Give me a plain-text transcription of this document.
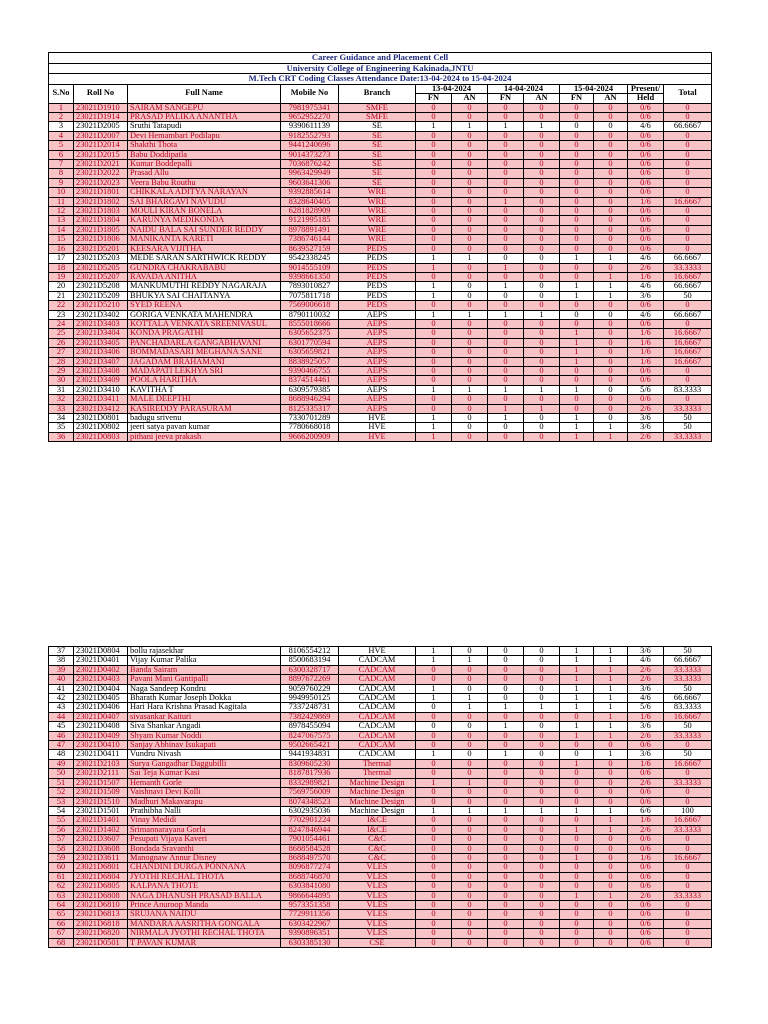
Career Guidance and Placement Cell												
University College of Engineering Kakinada,JNTU												
M.Tech CRT Coding Classes Attendance Date:13-04-2024 to 15-04-2024												
S.No	Roll No	Full Name	Mobile No	Branch	13-04-2024		14-04-2024		15-04-2024		Present/	Total
					FN	AN	FN	AN	FN	AN	Held	
1	23021D1910	SAIRAM SANGEPU	7981975341	SMFE	0	0	0	0	0	0	0/6	0
2	23021D1914	PRASAD PALIKA ANANTHA	9652952270	SMFE	0	0	0	0	0	0	0/6	0
3	23021D2005	Sruthi Tatapudi	9390611139	SE	1	1	1	1	0	0	4/6	66.6667
4	23021D2007	Devi Hemambari Podilapu	9182552793	SE	0	0	0	0	0	0	0/6	0
5	23021D2014	Shakthi Thota	9441240696	SE	0	0	0	0	0	0	0/6	0
6	23021D2015	Babu Doddipatla	9014373273	SE	0	0	0	0	0	0	0/6	0
7	23021D2021	Kumar Boddepalli	7036876242	SE	0	0	0	0	0	0	0/6	0
8	23021D2022	Prasad Allu	9963429949	SE	0	0	0	0	0	0	0/6	0
9	23021D2023	Veera Babu Routhu	9603641306	SE	0	0	0	0	0	0	0/6	0
10	23021D1801	CHIKKALA ADITYA NARAYAN	9392885614	WRE	0	0	0	0	0	0	0/6	0
11	23021D1802	SAI BHARGAVI NAVUDU	8328640405	WRE	0	0	1	0	0	0	1/6	16.6667
12	23021D1803	MOULI KIRAN BONELA	6281828909	WRE	0	0	0	0	0	0	0/6	0
13	23021D1804	KARUNYA MEDIKONDA	9121995185	WRE	0	0	0	0	0	0	0/6	0
14	23021D1805	NAIDU BALA SAI SUNDER REDDY	8978891491	WRE	0	0	0	0	0	0	0/6	0
15	23021D1806	MANIKANTA KARETI	7386746144	WRE	0	0	0	0	0	0	0/6	0
16	23021D5201	KEESARA VIJITHA	8639527159	PEDS	0	0	0	0	0	0	0/6	0
17	23021D5203	MEDE SARAN SARTHWICK REDDY	9542338245	PEDS	1	1	0	0	1	1	4/6	66.6667
18	23021D5205	GUNDRA CHAKRABABU	9014555109	PEDS	1	0	1	0	0	0	2/6	33.3333
19	23021D5207	RAVADA ANITHA	9398661350	PEDS	0	0	0	0	0	1	1/6	16.6667
20	23021D5208	MANKUMUTHI REDDY NAGARAJA	7893010827	PEDS	1	0	1	0	1	1	4/6	66.6667
21	23021D5209	BHUKYA SAI CHAITANYA	7075811718	PEDS	1	0	0	0	1	1	3/6	50
22	23021D5210	SYED REENA	7569006618	PEDS	0	0	0	0	0	0	0/6	0
23	23021D3402	GORIGA VENKATA MAHENDRA	8790110032	AEPS	1	1	1	1	0	0	4/6	66.6667
24	23021D3403	KOTTALA VENKATA SREENIVASUL	8555018666	AEPS	0	0	0	0	0	0	0/6	0
25	23021D3404	KONDA PRAGATHI	6305652375	AEPS	0	0	0	0	1	0	1/6	16.6667
26	23021D3405	PANCHADARLA GANGABHAVANI	6301770594	AEPS	0	0	0	0	1	0	1/6	16.6667
27	23021D3406	BOMMADASARI MEGHANA SANE	6305659821	AEPS	0	0	0	0	1	0	1/6	16.6667
28	23021D3407	JAGADAM BRAHAMANI	8838925057	AEPS	0	0	0	0	1	0	1/6	16.6667
29	23021D3408	MADAPATI LEKHYA SRI	9390466755	AEPS	0	0	0	0	0	0	0/6	0
30	23021D3409	POOLA HARITHA	8374514461	AEPS	0	0	0	0	0	0	0/6	0
31	23021D3410	KAVITHA T	6309579385	AEPS	1	1	1	1	1	0	5/6	83.3333
32	23021D3411	MALE DEEPTHI	8688946294	AEPS	0	0	0	0	0	0	0/6	0
33	23021D3412	KASIREDDY PARASURAM	8125335317	AEPS	0	0	1	1	0	0	2/6	33.3333
34	23021D0801	badugu srivenu	7330701289	HVE	1	0	1	0	1	0	3/6	50
35	23021D0802	jeeri satya pavan kumar	7780668018	HVE	1	0	0	0	1	1	3/6	50
36	23021D0803	pithani jeeva prakash	9666200909	HVE	1	0	0	0	1	1	2/6	33.3333
37	23021D0804	bollu rajasekhar	8106554212	HVE	1	0	0	0	1	1	3/6	50
38	23021D0401	Vijay Kumar Palika	8500683194	CADCAM	1	1	0	0	1	1	4/6	66.6667
39	23021D0402	Banda Sairam	6300328717	CADCAM	0	0	0	0	1	1	2/6	33.3333
40	23021D0403	Pavani Mani Gantipalli	8897672269	CADCAM	0	0	0	0	1	1	2/6	33.3333
41	23021D0404	Naga Sandeep Kondru	9059760229	CADCAM	1	0	0	0	1	1	3/6	50
42	23021D0405	Bharath Kumar Joseph Dokka	9949950125	CADCAM	1	1	0	0	1	1	4/6	66.6667
43	23021D0406	Hari Hara Krishna Prasad Kagitala	7337248731	CADCAM	0	1	1	1	1	1	5/6	83.3333
44	23021D0407	sivasankar Kaituri	7382429869	CADCAM	0	0	0	0	0	1	1/6	16.6667
45	23021D0408	Siva Shankar Angadi	8978455094	CADCAM	0	0	1	0	1	1	3/6	50
46	23021D0409	Shyam Kumar Noddi	8247067575	CADCAM	0	0	0	0	1	1	2/6	33.3333
47	23021D0410	Sanjay Abhinav Isukapati	9502665421	CADCAM	0	0	0	0	0	0	0/6	0
48	23021D0411	Vundru Nivash	9441934831	CADCAM	1	0	1	0	0	1	3/6	50
49	23021D2103	Surya Gangadhar Daggubilli	8309605230	Thermal	0	0	0	0	1	0	1/6	16.6667
50	23021D2111	Sai Teja Kumar Kasi	8187817936	Thermal	0	0	0	0	0	0	0/6	0
51	23021D1507	Hemanth Gorle	8332989821	Machine Design	1	1	0	0	0	0	2/6	33.3333
52	23021D1509	Vaishnavi Devi Kolli	7569756009	Machine Design	0	0	0	0	0	0	0/6	0
53	23021D1510	Madhuri Makavarapu	8074348523	Machine Design	0	0	0	0	0	0	0/6	0
54	23021D1501	Prathibha Nalli	6302935036	Machine Design	1	1	1	1	1	1	6/6	100
55	23021D1401	Vinay Medidi	7702901224	I&CE	0	0	0	0	0	1	1/6	16.6667
56	23021D1402	Srimannarayana Gorla	8247846944	I&CE	0	0	0	0	1	1	2/6	33.3333
57	23021D3607	Pesupati Vijaya Kaveri	7901054461	C&C	0	0	0	0	0	0	0/6	0
58	23021D3608	Bondada Sravanthi	8688584528	C&C	0	0	0	0	0	0	0/6	0
59	23021D3611	Manognaw Annur Disney	8688497570	C&C	0	0	0	0	1	0	1/6	16.6667
60	23021D6801	CHANDINI DURGA PONNANA	8096877274	VLES	0	0	0	0	0	0	0/6	0
61	23021D6804	JYOTHI RECHAL THOTA	8688746870	VLES	0	0	0	0	0	0	0/6	0
62	23021D6805	KALPANA THOTE	6303841080	VLES	0	0	0	0	0	0	0/6	0
63	23021D6808	NAGA DHANUSH PRASAD BALLA	9866644895	VLES	0	0	0	0	1	1	2/6	33.3333
64	23021D6810	Prince Anuroop Manda	9573351358	VLES	0	0	0	0	0	0	0/6	0
65	23021D6813	SRUJANA NAIDU	7729911356	VLES	0	0	0	0	0	0	0/6	0
66	23021D6818	MANDARA AASRITHA GONGALA	6303422967	VLES	0	0	0	0	0	0	0/6	0
67	23021D6820	NIRMALA JYOTHI RECHAL THOTA	9390896351	VLES	0	0	0	0	0	0	0/6	0
68	23021D0501	T PAVAN KUMAR	6303385130	CSE	0	0	0	0	0	0	0/6	0
